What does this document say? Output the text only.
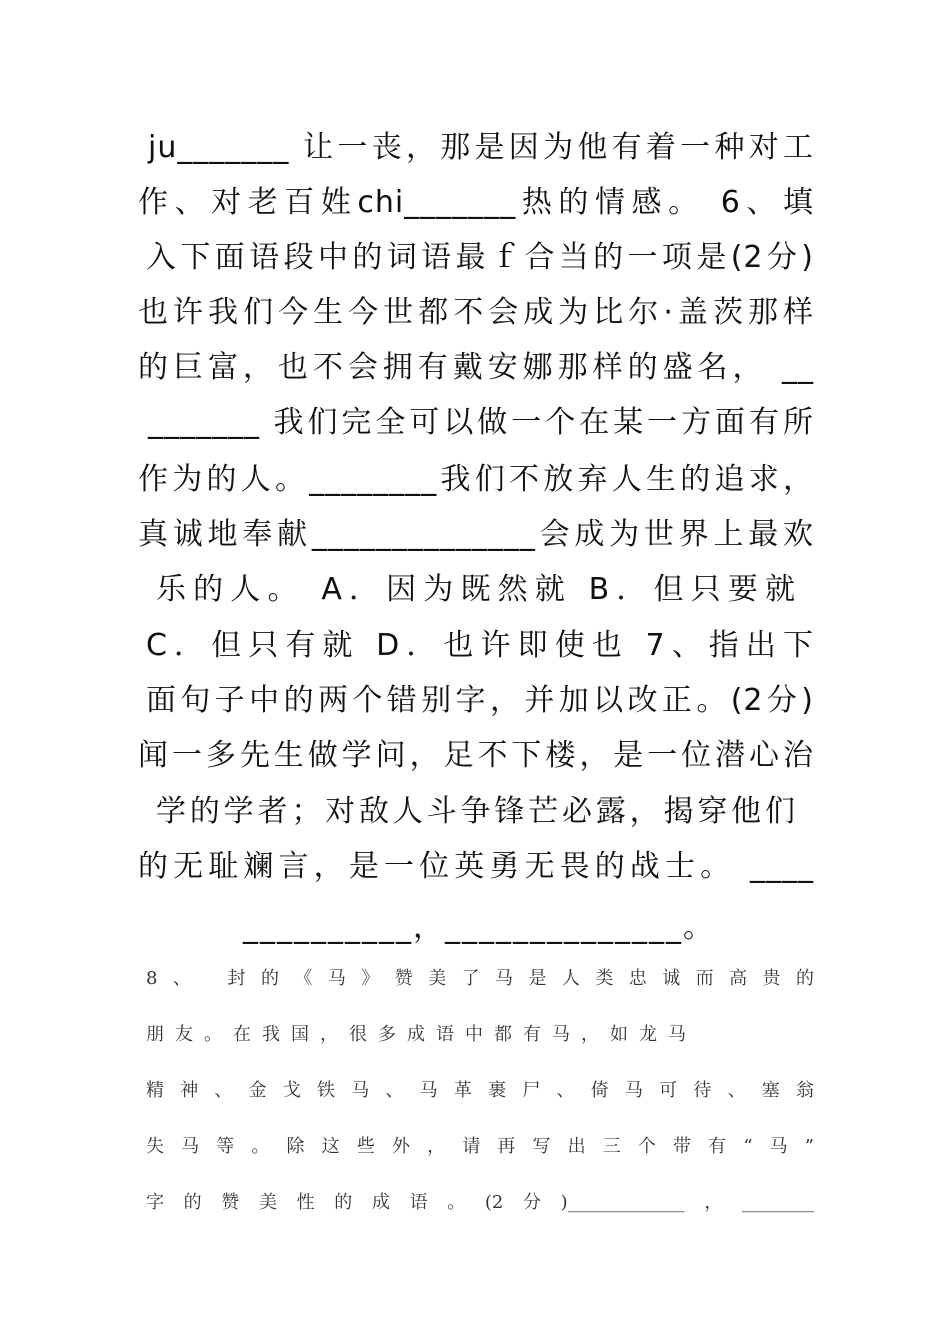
ju_______ 让一丧，那是因为他有着一种对工
作、对老百姓chi_______热的情感。 6、填
入下面语段中的词语最ｆ合当的一项是(2分)
也许我们今生今世都不会成为比尔·盖茨那样
的巨富，也不会拥有戴安娜那样的盛名， __
_______ 我们完全可以做一个在某一方面有所
作为的人。________我们不放弃人生的追求，
真诚地奉献______________会成为世界上最欢
乐的人。 A．因为既然就 B．但只要就
C．但只有就 D．也许即使也 7、指出下
面句子中的两个错别字，并加以改正。(2分)
闻一多先生做学问，足不下楼，是一位潜心治
学的学者；对敌人斗争锋芒必露，揭穿他们
的无耻斓言，是一位英勇无畏的战士。 ____
__________，______________。
8、 封的《马》赞美了马是人类忠诚而高贵的
朋友。在我国，很多成语中都有马，如龙马
精神、金戈铁马、马革裹尸、倚马可待、塞翁
失马等。除这些外，请再写出三个带有“马”
字的赞美性的成语。(2分)_____________，________
